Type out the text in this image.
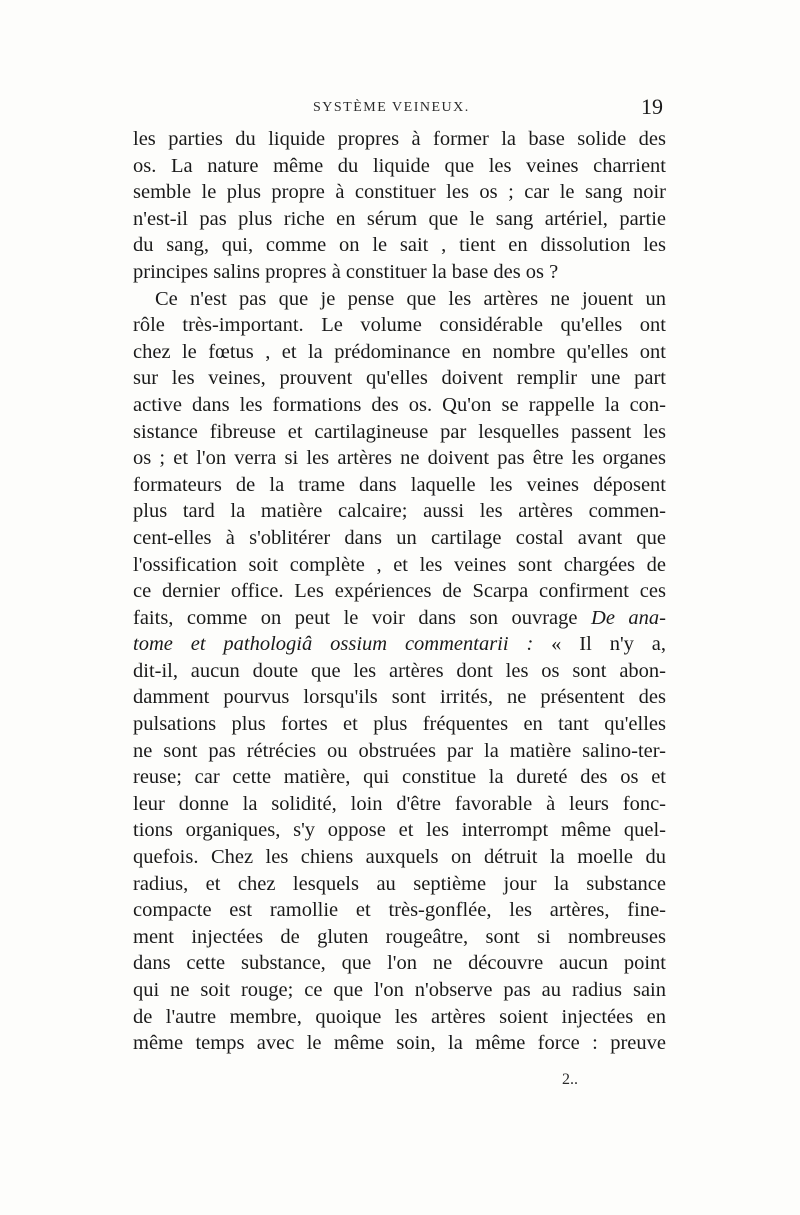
SYSTÈME VEINEUX.	19
les parties du liquide propres à former la base solide des
os. La nature même du liquide que les veines charrient
semble le plus propre à constituer les os ; car le sang noir
n'est-il pas plus riche en sérum que le sang artériel, partie
du sang, qui, comme on le sait , tient en dissolution les
principes salins propres à constituer la base des os ?
Ce n'est pas que je pense que les artères ne jouent un
rôle très-important. Le volume considérable qu'elles ont
chez le fœtus , et la prédominance en nombre qu'elles ont
sur les veines, prouvent qu'elles doivent remplir une part
active dans les formations des os. Qu'on se rappelle la con-
sistance fibreuse et cartilagineuse par lesquelles passent les
os ; et l'on verra si les artères ne doivent pas être les organes
formateurs de la trame dans laquelle les veines déposent
plus tard la matière calcaire; aussi les artères commen-
cent-elles à s'oblitérer dans un cartilage costal avant que
l'ossification soit complète , et les veines sont chargées de
ce dernier office. Les expériences de Scarpa confirment ces
faits, comme on peut le voir dans son ouvrage De ana-
tome et pathologiâ ossium commentarii : « Il n'y a,
dit-il, aucun doute que les artères dont les os sont abon-
damment pourvus lorsqu'ils sont irrités, ne présentent des
pulsations plus fortes et plus fréquentes en tant qu'elles
ne sont pas rétrécies ou obstruées par la matière salino-ter-
reuse; car cette matière, qui constitue la dureté des os et
leur donne la solidité, loin d'être favorable à leurs fonc-
tions organiques, s'y oppose et les interrompt même quel-
quefois. Chez les chiens auxquels on détruit la moelle du
radius, et chez lesquels au septième jour la substance
compacte est ramollie et très-gonflée, les artères, fine-
ment injectées de gluten rougeâtre, sont si nombreuses
dans cette substance, que l'on ne découvre aucun point
qui ne soit rouge; ce que l'on n'observe pas au radius sain
de l'autre membre, quoique les artères soient injectées en
même temps avec le même soin, la même force : preuve
2..
